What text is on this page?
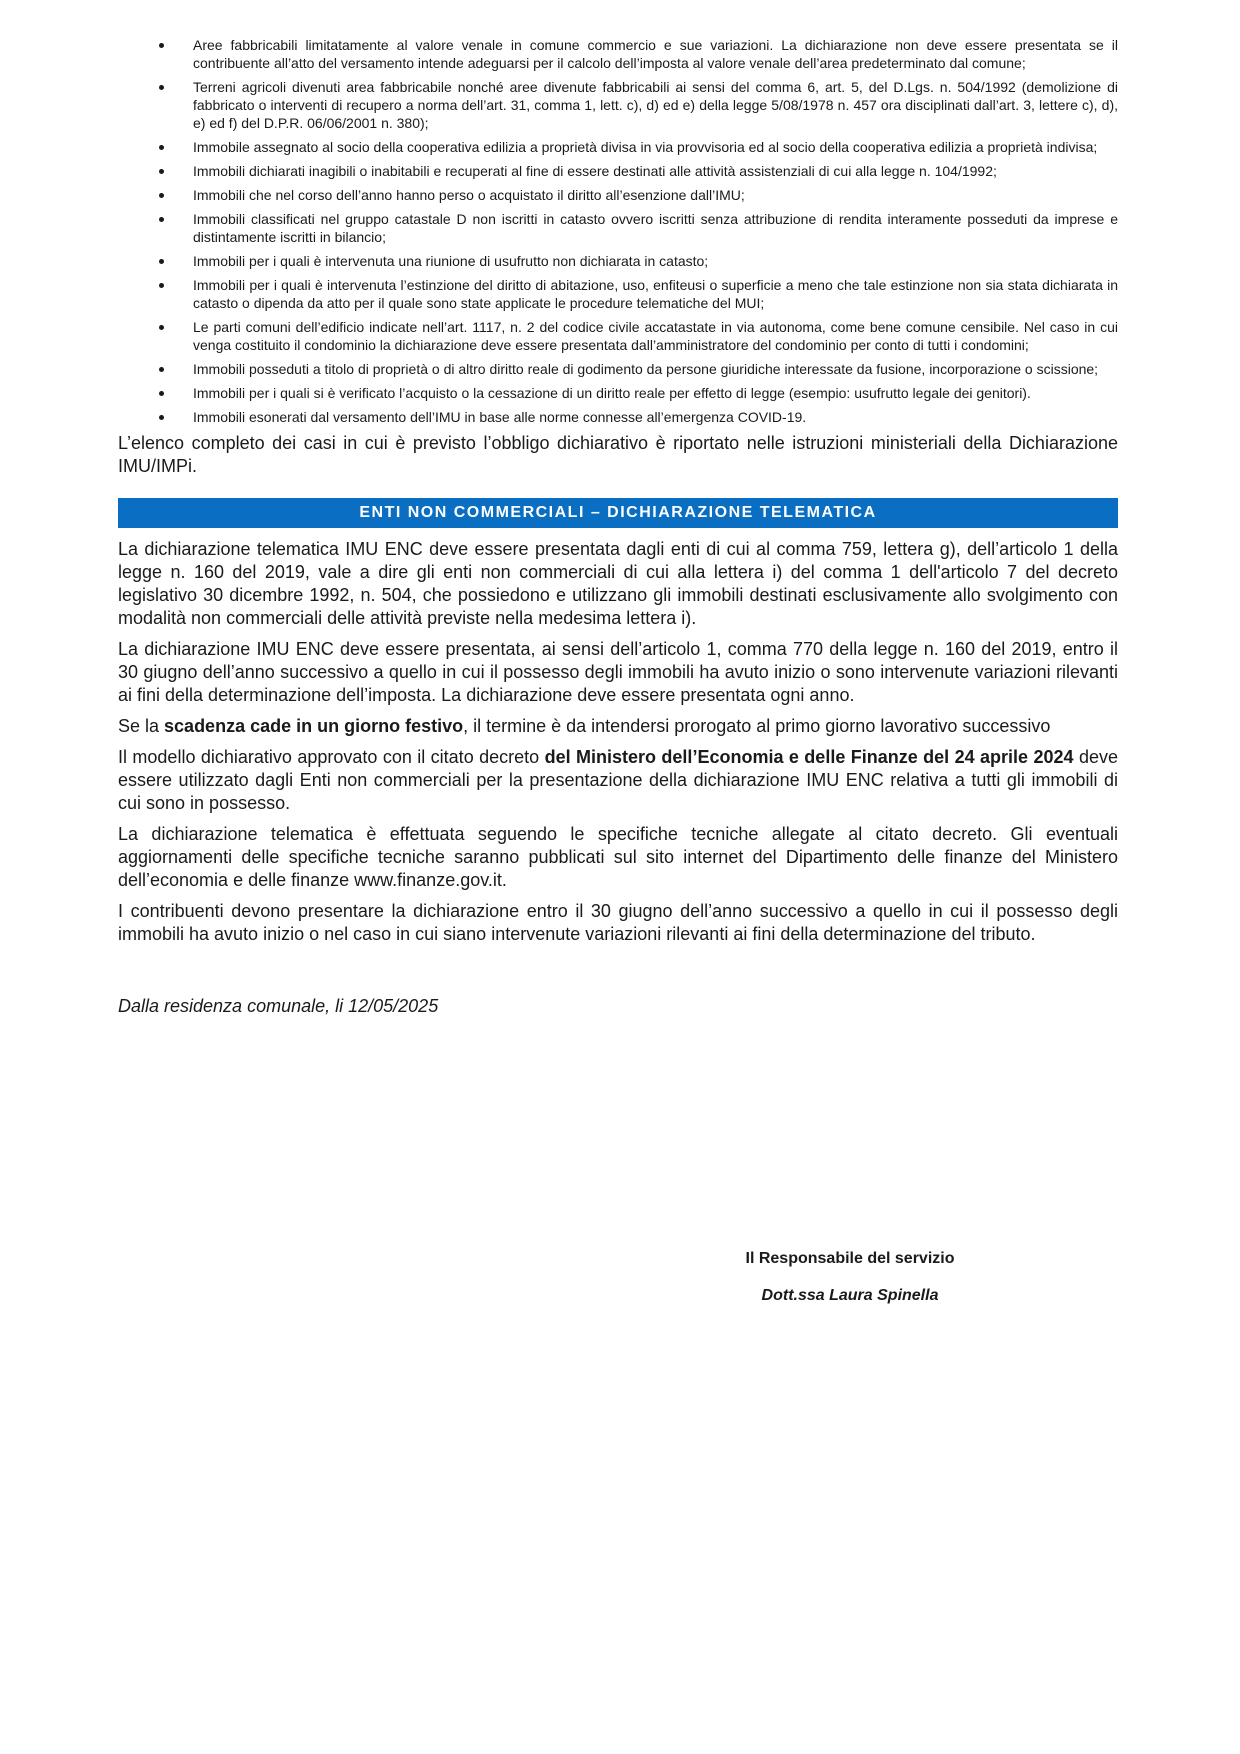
Aree fabbricabili limitatamente al valore venale in comune commercio e sue variazioni. La dichiarazione non deve essere presentata se il contribuente all’atto del versamento intende adeguarsi per il calcolo dell’imposta al valore venale dell’area predeterminato dal comune;
Terreni agricoli divenuti area fabbricabile nonché aree divenute fabbricabili ai sensi del comma 6, art. 5, del D.Lgs. n. 504/1992 (demolizione di fabbricato o interventi di recupero a norma dell’art. 31, comma 1, lett. c), d) ed e) della legge 5/08/1978 n. 457 ora disciplinati dall’art. 3, lettere c), d), e) ed f) del D.P.R. 06/06/2001 n. 380);
Immobile assegnato al socio della cooperativa edilizia a proprietà divisa in via provvisoria ed al socio della cooperativa edilizia a proprietà indivisa;
Immobili dichiarati inagibili o inabitabili e recuperati al fine di essere destinati alle attività assistenziali di cui alla legge n. 104/1992;
Immobili che nel corso dell’anno hanno perso o acquistato il diritto all’esenzione dall’IMU;
Immobili classificati nel gruppo catastale D non iscritti in catasto ovvero iscritti senza attribuzione di rendita interamente posseduti da imprese e distintamente iscritti in bilancio;
Immobili per i quali è intervenuta una riunione di usufrutto non dichiarata in catasto;
Immobili per i quali è intervenuta l’estinzione del diritto di abitazione, uso, enfiteusi o superficie a meno che tale estinzione non sia stata dichiarata in catasto o dipenda da atto per il quale sono state applicate le procedure telematiche del MUI;
Le parti comuni dell’edificio indicate nell’art. 1117, n. 2 del codice civile accatastate in via autonoma, come bene comune censibile. Nel caso in cui venga costituito il condominio la dichiarazione deve essere presentata dall’amministratore del condominio per conto di tutti i condomini;
Immobili posseduti a titolo di proprietà o di altro diritto reale di godimento da persone giuridiche interessate da fusione, incorporazione o scissione;
Immobili per i quali si è verificato l’acquisto o la cessazione di un diritto reale per effetto di legge (esempio: usufrutto legale dei genitori).
Immobili esonerati dal versamento dell’IMU in base alle norme connesse all’emergenza COVID-19.

L’elenco completo dei casi in cui è previsto l’obbligo dichiarativo è riportato nelle istruzioni ministeriali della Dichiarazione IMU/IMPi.

ENTI NON COMMERCIALI – DICHIARAZIONE TELEMATICA

La dichiarazione telematica IMU ENC deve essere presentata dagli enti di cui al comma 759, lettera g), dell’articolo 1 della legge n. 160 del 2019, vale a dire gli enti non commerciali di cui alla lettera i) del comma 1 dell'articolo 7 del decreto legislativo 30 dicembre 1992, n. 504, che possiedono e utilizzano gli immobili destinati esclusivamente allo svolgimento con modalità non commerciali delle attività previste nella medesima lettera i).

La dichiarazione IMU ENC deve essere presentata, ai sensi dell’articolo 1, comma 770 della legge n. 160 del 2019, entro il 30 giugno dell’anno successivo a quello in cui il possesso degli immobili ha avuto inizio o sono intervenute variazioni rilevanti ai fini della determinazione dell’imposta. La dichiarazione deve essere presentata ogni anno.

Se la scadenza cade in un giorno festivo, il termine è da intendersi prorogato al primo giorno lavorativo successivo

Il modello dichiarativo approvato con il citato decreto del Ministero dell’Economia e delle Finanze del 24 aprile 2024 deve essere utilizzato dagli Enti non commerciali per la presentazione della dichiarazione IMU ENC relativa a tutti gli immobili di cui sono in possesso.

La dichiarazione telematica è effettuata seguendo le specifiche tecniche allegate al citato decreto. Gli eventuali aggiornamenti delle specifiche tecniche saranno pubblicati sul sito internet del Dipartimento delle finanze del Ministero dell’economia e delle finanze www.finanze.gov.it.

I contribuenti devono presentare la dichiarazione entro il 30 giugno dell’anno successivo a quello in cui il possesso degli immobili ha avuto inizio o nel caso in cui siano intervenute variazioni rilevanti ai fini della determinazione del tributo.

Dalla residenza comunale, li 12/05/2025
Il Responsabile del servizio
Dott.ssa Laura Spinella
